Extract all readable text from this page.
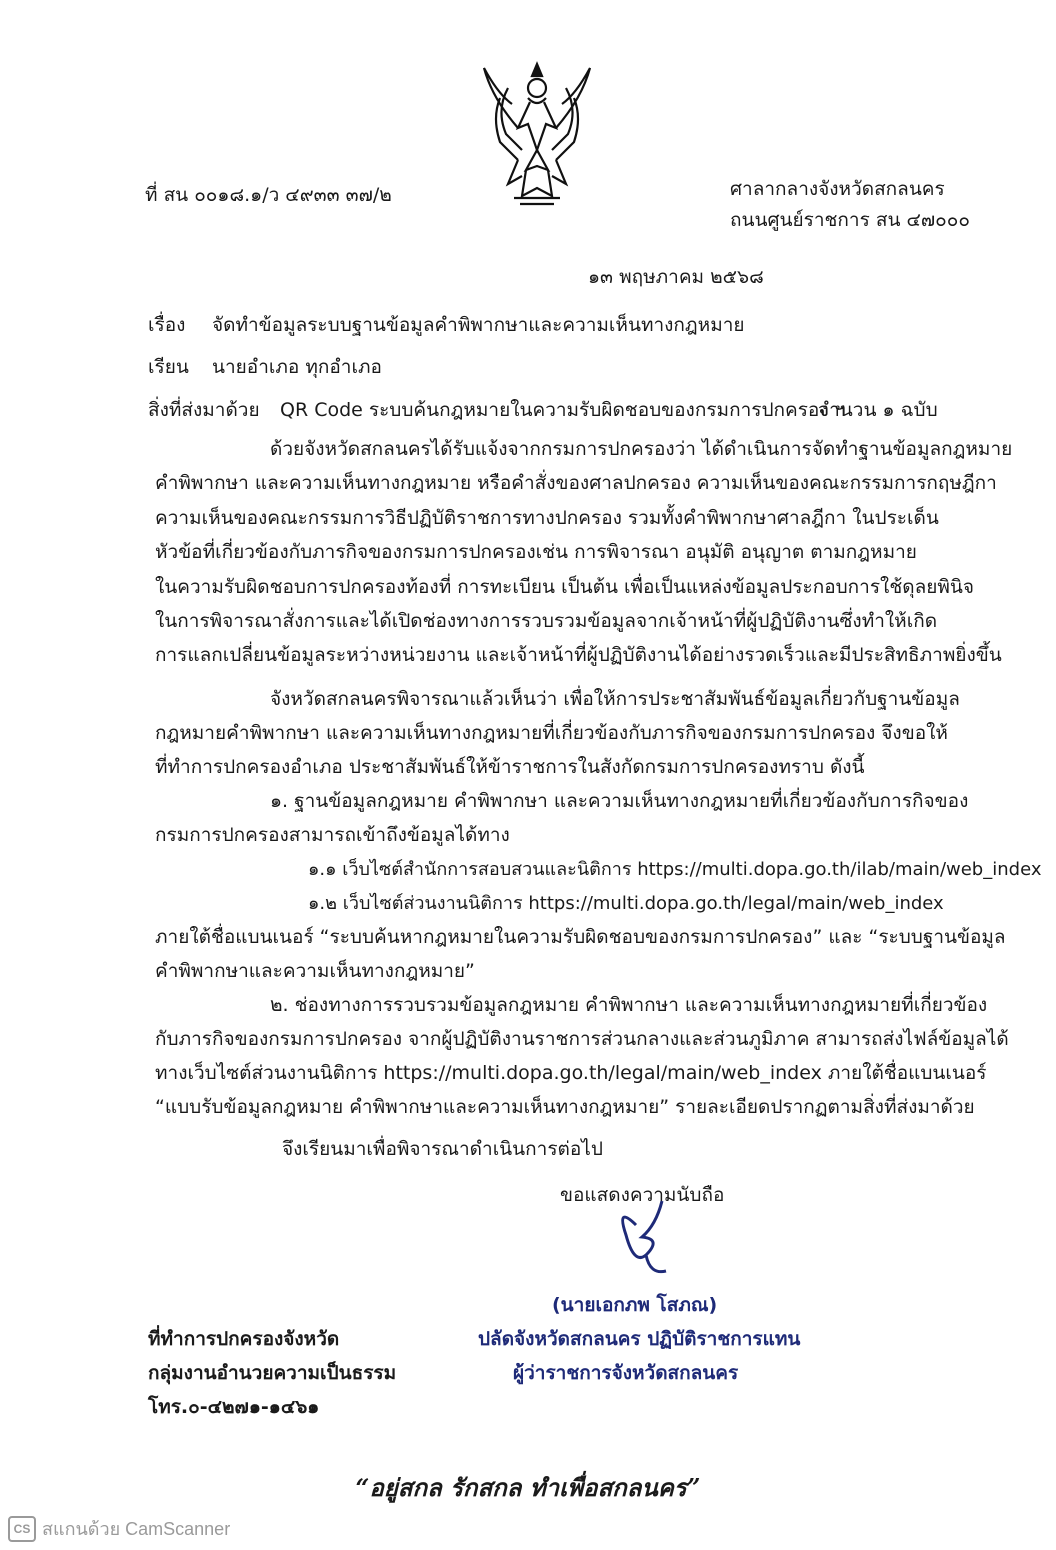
ที่ สน ๐๐๑๘.๑/ว ๔๙๓๓ ๓๗/๒	ศาลากลางจังหวัดสกลนคร
ถนนศูนย์ราชการ สน ๔๗๐๐๐
๑๓ พฤษภาคม ๒๕๖๘
เรื่อง จัดทำข้อมูลระบบฐานข้อมูลคำพิพากษาและความเห็นทางกฎหมาย
เรียน นายอำเภอ ทุกอำเภอ
สิ่งที่ส่งมาด้วย QR Code ระบบค้นกฎหมายในความรับผิดชอบของกรมการปกครอง ฯ
จำนวน ๑ ฉบับ
ด้วยจังหวัดสกลนครได้รับแจ้งจากกรมการปกครองว่า ได้ดำเนินการจัดทำฐานข้อมูลกฎหมาย
คำพิพากษา และความเห็นทางกฎหมาย หรือคำสั่งของศาลปกครอง ความเห็นของคณะกรรมการกฤษฎีกา
ความเห็นของคณะกรรมการวิธีปฏิบัติราชการทางปกครอง รวมทั้งคำพิพากษาศาลฎีกา ในประเด็น
หัวข้อที่เกี่ยวข้องกับภารกิจของกรมการปกครองเช่น การพิจารณา อนุมัติ อนุญาต ตามกฎหมาย
ในความรับผิดชอบการปกครองท้องที่ การทะเบียน เป็นต้น เพื่อเป็นแหล่งข้อมูลประกอบการใช้ดุลยพินิจ
ในการพิจารณาสั่งการและได้เปิดช่องทางการรวบรวมข้อมูลจากเจ้าหน้าที่ผู้ปฏิบัติงานซึ่งทำให้เกิด
การแลกเปลี่ยนข้อมูลระหว่างหน่วยงาน และเจ้าหน้าที่ผู้ปฏิบัติงานได้อย่างรวดเร็วและมีประสิทธิภาพยิ่งขึ้น
จังหวัดสกลนครพิจารณาแล้วเห็นว่า เพื่อให้การประชาสัมพันธ์ข้อมูลเกี่ยวกับฐานข้อมูล
กฎหมายคำพิพากษา และความเห็นทางกฎหมายที่เกี่ยวข้องกับภารกิจของกรมการปกครอง จึงขอให้
ที่ทำการปกครองอำเภอ ประชาสัมพันธ์ให้ข้าราชการในสังกัดกรมการปกครองทราบ ดังนี้
๑. ฐานข้อมูลกฎหมาย คำพิพากษา และความเห็นทางกฎหมายที่เกี่ยวข้องกับการกิจของ
กรมการปกครองสามารถเข้าถึงข้อมูลได้ทาง
๑.๑ เว็บไซต์สำนักการสอบสวนและนิติการ https://multi.dopa.go.th/ilab/main/web_index
๑.๒ เว็บไซต์ส่วนงานนิติการ https://multi.dopa.go.th/legal/main/web_index
ภายใต้ชื่อแบนเนอร์ “ระบบค้นหากฎหมายในความรับผิดชอบของกรมการปกครอง” และ “ระบบฐานข้อมูล
คำพิพากษาและความเห็นทางกฎหมาย”
๒. ช่องทางการรวบรวมข้อมูลกฎหมาย คำพิพากษา และความเห็นทางกฎหมายที่เกี่ยวข้อง
กับภารกิจของกรมการปกครอง จากผู้ปฏิบัติงานราชการส่วนกลางและส่วนภูมิภาค สามารถส่งไฟล์ข้อมูลได้
ทางเว็บไซต์ส่วนงานนิติการ https://multi.dopa.go.th/legal/main/web_index ภายใต้ชื่อแบนเนอร์
“แบบรับข้อมูลกฎหมาย คำพิพากษาและความเห็นทางกฎหมาย” รายละเอียดปรากฏตามสิ่งที่ส่งมาด้วย
จึงเรียนมาเพื่อพิจารณาดำเนินการต่อไป
ขอแสดงความนับถือ
(นายเอกภพ โสภณ)
ปลัดจังหวัดสกลนคร ปฏิบัติราชการแทน
ผู้ว่าราชการจังหวัดสกลนคร
ที่ทำการปกครองจังหวัด
กลุ่มงานอำนวยความเป็นธรรม
โทร.๐-๔๒๗๑-๑๔๖๑
“อยู่สกล รักสกล ทำเพื่อสกลนคร”
CS สแกนด้วย CamScanner
